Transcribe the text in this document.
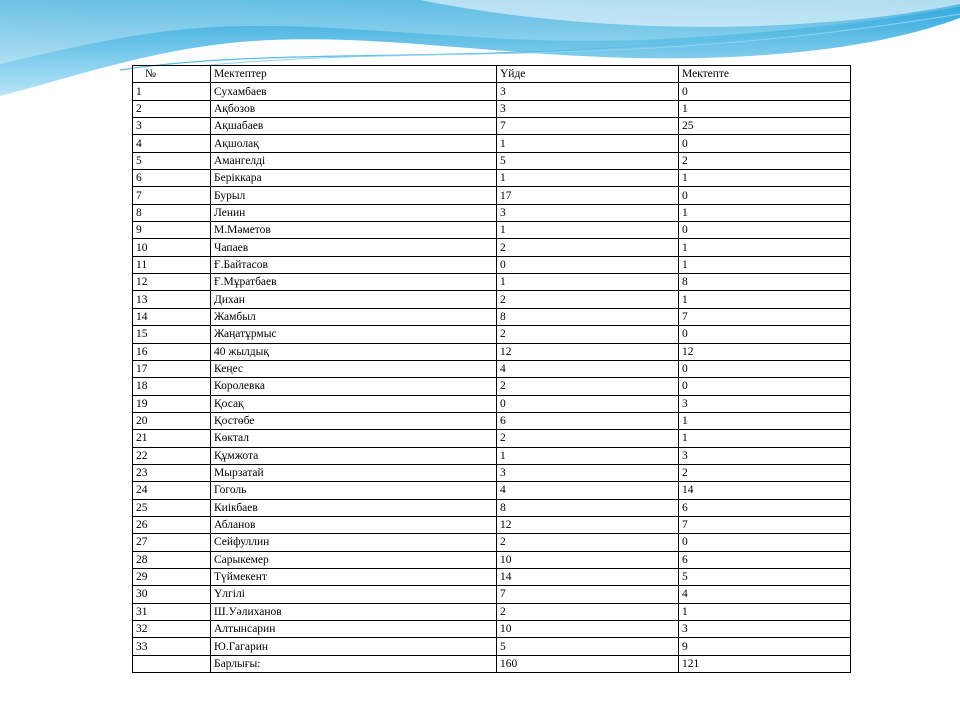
№	Мектептер	Үйде	Мектепте
1	Сухамбаев	3	0
2	Ақбозов	3	1
3	Ақшабаев	7	25
4	Ақшолақ	1	0
5	Амангелді	5	2
6	Беріккара	1	1
7	Бурыл	17	0
8	Ленин	3	1
9	М.Мәметов	1	0
10	Чапаев	2	1
11	Ғ.Байтасов	0	1
12	Ғ.Мұратбаев	1	8
13	Дихан	2	1
14	Жамбыл	8	7
15	Жаңатұрмыс	2	0
16	40 жылдық	12	12
17	Кеңес	4	0
18	Королевка	2	0
19	Қосақ	0	3
20	Қостөбе	6	1
21	Көктал	2	1
22	Құмжота	1	3
23	Мырзатай	3	2
24	Гоголь	4	14
25	Киікбаев	8	6
26	Абланов	12	7
27	Сейфуллин	2	0
28	Сарыкемер	10	6
29	Түймекент	14	5
30	Үлгілі	7	4
31	Ш.Уәлиханов	2	1
32	Алтынсарин	10	3
33	Ю.Гагарин	5	9
	Барлығы:	160	121
